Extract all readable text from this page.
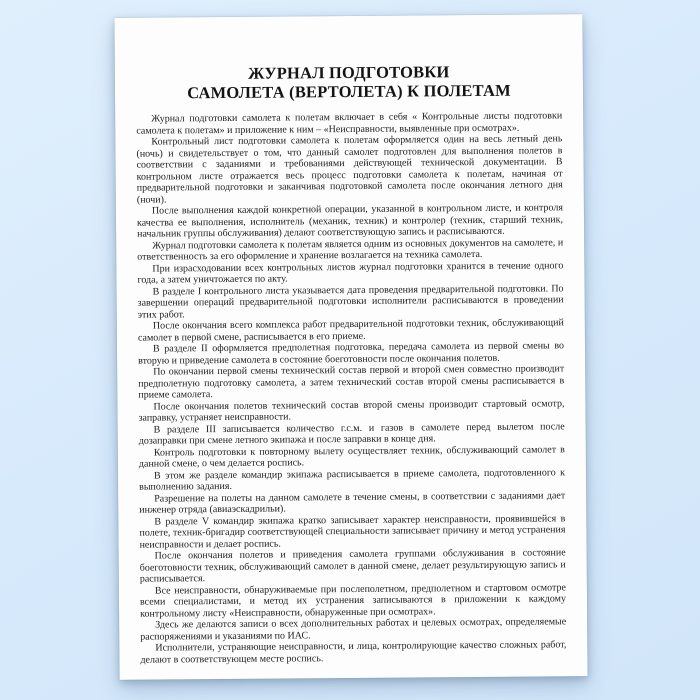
ЖУРНАЛ ПОДГОТОВКИ
САМОЛЕТА (ВЕРТОЛЕТА) К ПОЛЕТАМ

Журнал подготовки самолета к полетам включает в себя « Контрольные листы подготовки самолета к полетам» и приложение к ним – «Неисправности, выявленные при осмотрах».

Контрольный лист подготовки самолета к полетам оформляется один на весь летный день (ночь) и свидетельствует о том, что данный самолет подготовлен для выполнения полетов в соответствии с заданиями и требованиями действующей технической документации. В контрольном листе отражается весь процесс подготовки самолета к полетам, начиная от предварительной подготовки и заканчивая подготовкой самолета после окончания летного дня (ночи).

После выполнения каждой конкретной операции, указанной в контрольном листе, и контроля качества ее выполнения, исполнитель (механик, техник) и контролер (техник, старший техник, начальник группы обслуживания) делают соответствующую запись и расписываются.

Журнал подготовки самолета к полетам является одним из основных документов на самолете, и ответственность за его оформление и хранение возлагается на техника самолета.

При израсходовании всех контрольных листов журнал подготовки хранится в течение одного года, а затем уничтожается по акту.

В разделе I контрольного листа указывается дата проведения предварительной подготовки. По завершении операций предварительной подготовки исполнители расписываются в проведении этих работ.

После окончания всего комплекса работ предварительной подготовки техник, обслуживающий самолет в первой смене, расписывается в его приеме.

В разделе II оформляется предполетная подготовка, передача самолета из первой смены во вторую и приведение самолета в состояние боеготовности после окончания полетов.

По окончании первой смены технический состав первой и второй смен совместно производит предполетную подготовку самолета, а затем технический состав второй смены расписывается в приеме самолета.

После окончания полетов технический состав второй смены производит стартовый осмотр, заправку, устраняет неисправности.

В разделе III записывается количество г.с.м. и газов в самолете перед вылетом после дозаправки при смене летного экипажа и после заправки в конце дня.

Контроль подготовки к повторному вылету осуществляет техник, обслуживающий самолет в данной смене, о чем делается роспись.

В этом же разделе командир экипажа расписывается в приеме самолета, подготовленного к выполнению задания.

Разрешение на полеты на данном самолете в течение смены, в соответствии с заданиями дает инженер отряда (авиаэскадрильи).

В разделе V командир экипажа кратко записывает характер неисправности, проявившейся в полете, техник-бригадир соответствующей специальности записывает причину и метод устранения неисправности и делает роспись.

После окончания полетов и приведения самолета группами обслуживания в состояние боеготовности техник, обслуживающий самолет в данной смене, делает результирующую запись и расписывается.

Все неисправности, обнаруживаемые при послеполетном, предполетном и стартовом осмотре всеми специалистами, и метод их устранения записываются в приложении к каждому контрольному листу «Неисправности, обнаруженные при осмотрах».

Здесь же делаются записи о всех дополнительных работах и целевых осмотрах, определяемые распоряжениями и указаниями по ИАС.

Исполнители, устраняющие неисправности, и лица, контролирующие качество сложных работ, делают в соответствующем месте роспись.
